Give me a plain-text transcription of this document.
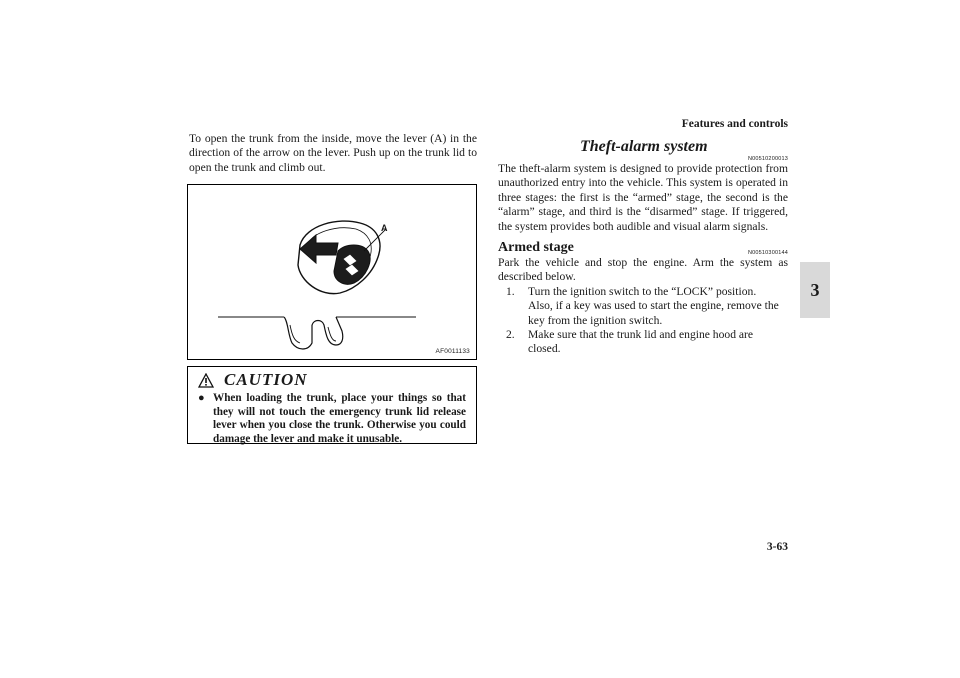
Features and controls
3
3-63

To open the trunk from the inside, move the lever (A) in the direction of the arrow on the lever. Push up on the trunk lid to open the trunk and climb out.

A
AF0011133
CAUTION
● When loading the trunk, place your things so that they will not touch the emergency trunk lid release lever when you close the trunk. Otherwise you could damage the lever and make it unusable.
Theft-alarm system
N00510200013

The theft-alarm system is designed to provide protection from unauthorized entry into the vehicle. This system is operated in three stages: the first is the “armed” stage, the second is the “alarm” stage, and third is the “disarmed” stage. If triggered, the system provides both audible and visual alarm signals.

Armed stage	N00510300144

Park the vehicle and stop the engine. Arm the system as described below.

1.	Turn the ignition switch to the “LOCK” position.
Also, if a key was used to start the engine, remove the key from the ignition switch.
2.	Make sure that the trunk lid and engine hood are closed.
